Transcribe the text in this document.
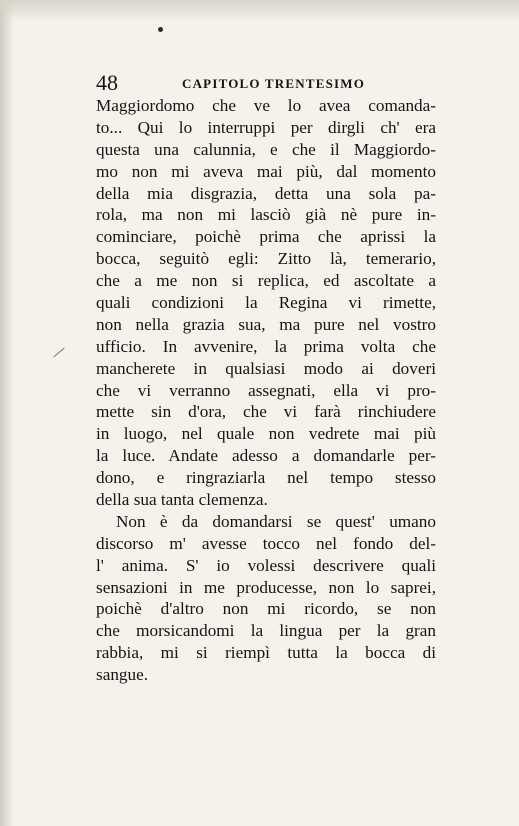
48	CAPITOLO TRENTESIMO
Maggiordomo che ve lo avea comanda-
to... Qui lo interruppi per dirgli ch' era
questa una calunnia, e che il Maggiordo-
mo non mi aveva mai più, dal momento
della mia disgrazia, detta una sola pa-
rola, ma non mi lasciò già nè pure in-
cominciare, poichè prima che aprissi la
bocca, seguitò egli: Zitto là, temerario,
che a me non si replica, ed ascoltate a
quali condizioni la Regina vi rimette,
non nella grazia sua, ma pure nel vostro
ufficio. In avvenire, la prima volta che
mancherete in qualsiasi modo ai doveri
che vi verranno assegnati, ella vi pro-
mette sin d'ora, che vi farà rinchiudere
in luogo, nel quale non vedrete mai più
la luce. Andate adesso a domandarle per-
dono, e ringraziarla nel tempo stesso
della sua tanta clemenza.
Non è da domandarsi se quest' umano
discorso m' avesse tocco nel fondo del-
l' anima. S' io volessi descrivere quali
sensazioni in me producesse, non lo saprei,
poichè d'altro non mi ricordo, se non
che morsicandomi la lingua per la gran
rabbia, mi si riempì tutta la bocca di
sangue.
